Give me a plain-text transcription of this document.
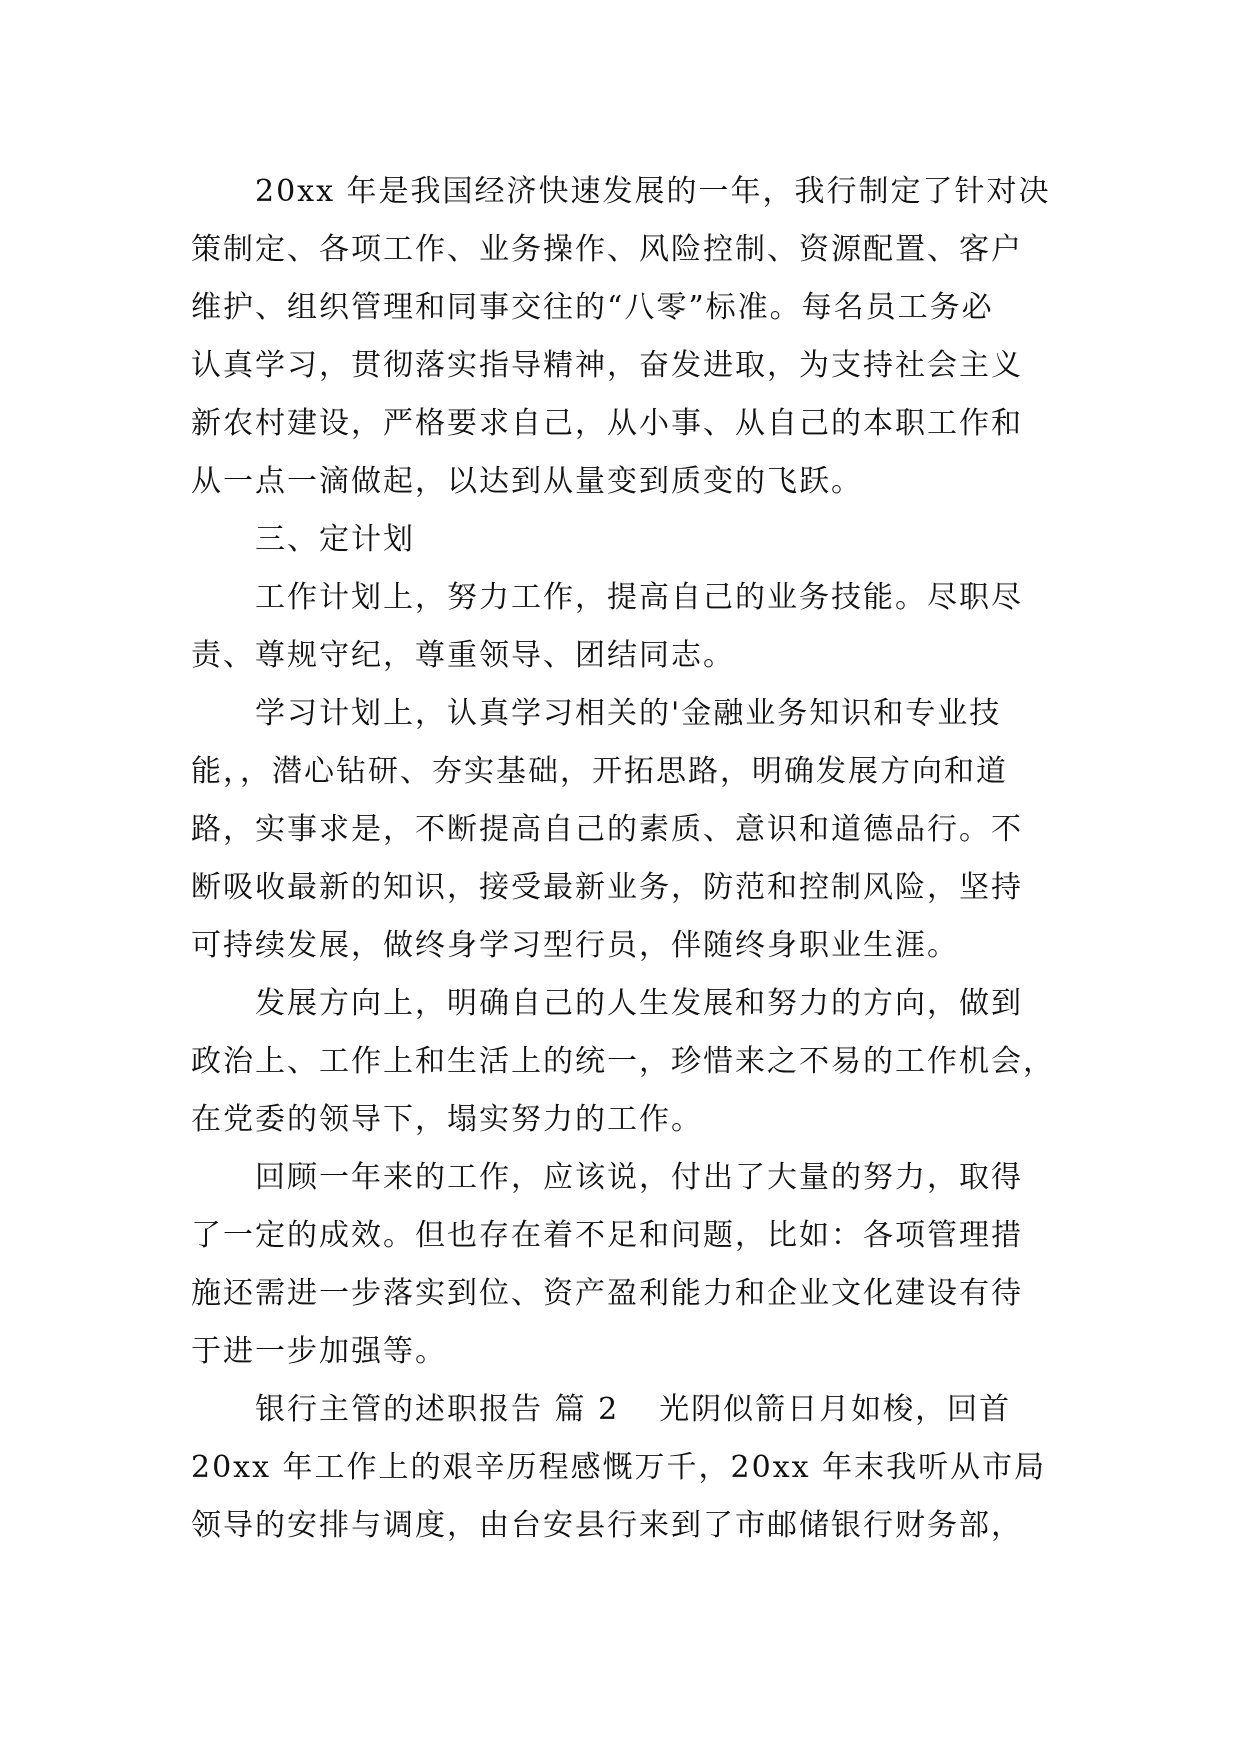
20xx 年是我国经济快速发展的一年，我行制定了针对决
策制定、各项工作、业务操作、风险控制、资源配置、客户
维护、组织管理和同事交往的“八零”标准。每名员工务必
认真学习，贯彻落实指导精神，奋发进取，为支持社会主义
新农村建设，严格要求自己，从小事、从自己的本职工作和
从一点一滴做起，以达到从量变到质变的飞跃。
三、定计划
工作计划上，努力工作，提高自己的业务技能。尽职尽
责、尊规守纪，尊重领导、团结同志。
学习计划上，认真学习相关的'金融业务知识和专业技
能，，潜心钻研、夯实基础，开拓思路，明确发展方向和道
路，实事求是，不断提高自己的素质、意识和道德品行。不
断吸收最新的知识，接受最新业务，防范和控制风险，坚持
可持续发展，做终身学习型行员，伴随终身职业生涯。
发展方向上，明确自己的人生发展和努力的方向，做到
政治上、工作上和生活上的统一，珍惜来之不易的工作机会，
在党委的领导下，塌实努力的工作。
回顾一年来的工作，应该说，付出了大量的努力，取得
了一定的成效。但也存在着不足和问题，比如：各项管理措
施还需进一步落实到位、资产盈利能力和企业文化建设有待
于进一步加强等。
银行主管的述职报告 篇 2 光阴似箭日月如梭，回首
20xx 年工作上的艰辛历程感慨万千，20xx 年末我听从市局
领导的安排与调度，由台安县行来到了市邮储银行财务部，
